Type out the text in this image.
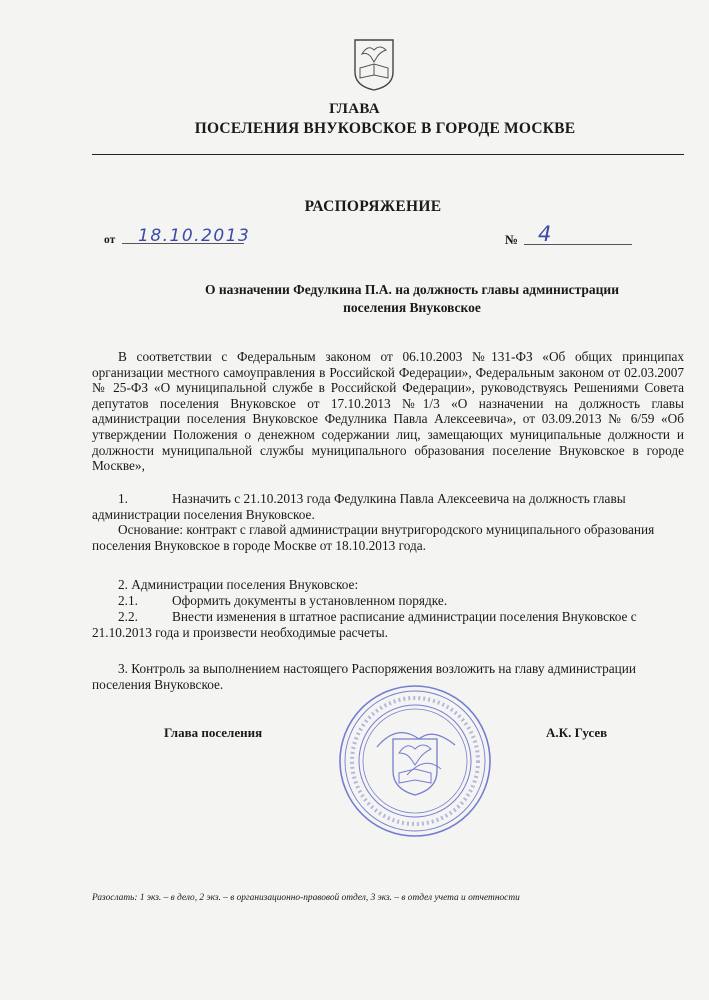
ГЛАВА
ПОСЕЛЕНИЯ ВНУКОВСКОЕ В ГОРОДЕ МОСКВЕ
РАСПОРЯЖЕНИЕ
от 18.10.2013	№ 4
О назначении Федулкина П.А. на должность главы администрации
поселения Внуковское
В соответствии с Федеральным законом от 06.10.2003 №131-ФЗ «Об общих принципах организации местного самоуправления в Российской Федерации», Федеральным законом от 02.03.2007 № 25-ФЗ «О муниципальной службе в Российской Федерации», руководствуясь Решениями Совета депутатов поселения Внуковское от 17.10.2013 №1/3 «О назначении на должность главы администрации поселения Внуковское Федулника Павла Алексеевича», от 03.09.2013 № 6/59 «Об утверждении Положения о денежном содержании лиц, замещающих муниципальные должности и должности муниципальной службы муниципального образования поселение Внуковское в городе Москве»,
1.	Назначить с 21.10.2013 года Федулкина Павла Алексеевича на должность главы администрации поселения Внуковское.
Основание: контракт с главой администрации внутригородского муниципального образования поселения Внуковское в городе Москве от 18.10.2013 года.
2. Администрации поселения Внуковское:
2.1.	Оформить документы в установленном порядке.
2.2.	Внести изменения в штатное расписание администрации поселения Внуковское с
21.10.2013 года и произвести необходимые расчеты.
3. Контроль за выполнением настоящего Распоряжения возложить на главу администрации поселения Внуковское.
Глава поселения	А.К. Гусев
Разослать: 1 экз. – в дело, 2 экз. – в организационно-правовой отдел, 3 экз. – в отдел учета и отчетности
